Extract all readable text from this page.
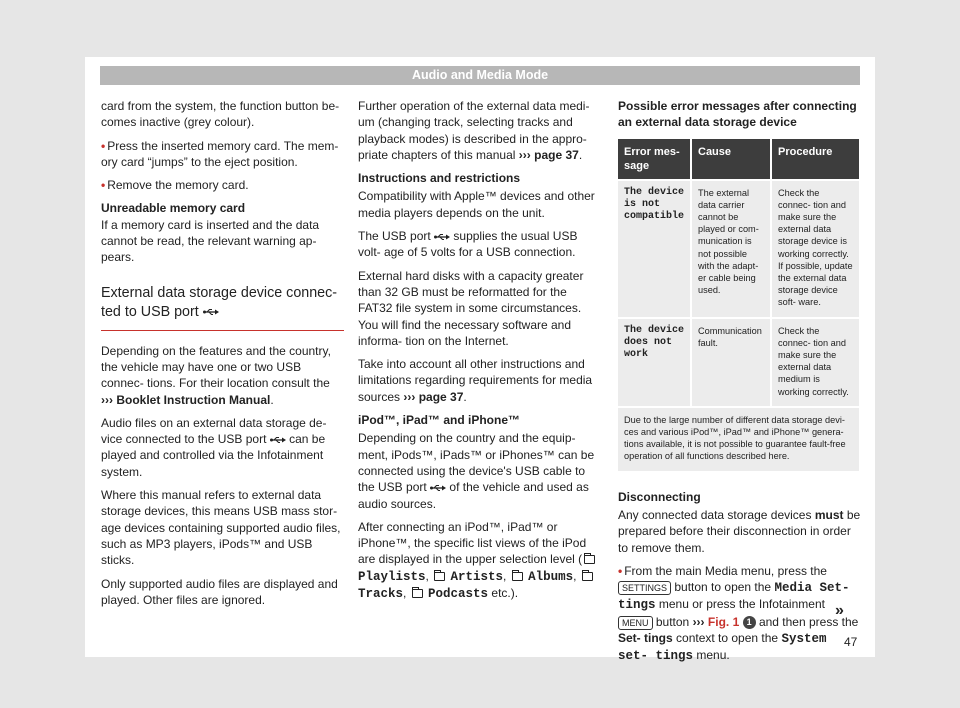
Audio and Media Mode

card from the system, the function button be- comes inactive (grey colour).

• Press the inserted memory card. The mem- ory card “jumps” to the eject position.

• Remove the memory card.

Unreadable memory card

If a memory card is inserted and the data cannot be read, the relevant warning ap- pears.

External data storage device connec- ted to USB port

Depending on the features and the country, the vehicle may have one or two USB connec- tions. For their location consult the ››› Booklet Instruction Manual.

Audio files on an external data storage de- vice connected to the USB port can be played and controlled via the Infotainment system.

Where this manual refers to external data storage devices, this means USB mass stor- age devices containing supported audio files, such as MP3 players, iPods™ and USB sticks.

Only supported audio files are displayed and played. Other files are ignored.

Further operation of the external data medi- um (changing track, selecting tracks and playback modes) is described in the appro- priate chapters of this manual ››› page 37.

Instructions and restrictions

Compatibility with Apple™ devices and other media players depends on the unit.

The USB port supplies the usual USB volt- age of 5 volts for a USB connection.

External hard disks with a capacity greater than 32 GB must be reformatted for the FAT32 file system in some circumstances. You will find the necessary software and informa- tion on the Internet.

Take into account all other instructions and limitations regarding requirements for media sources ››› page 37.

iPod™, iPad™ and iPhone™

Depending on the country and the equip- ment, iPods™, iPads™ or iPhones™ can be connected using the device's USB cable to the USB port of the vehicle and used as audio sources.

After connecting an iPod™, iPad™ or iPhone™, the specific list views of the iPod are displayed in the upper selection level ( Playlists,  Artists,  Albums,  Tracks,  Podcasts etc.).

Possible error messages after connecting an external data storage device
Error mes- sage	Cause	Procedure
The device is not compatible	The external data carrier cannot be played or com- munication is not possible with the adapt- er cable being used.	Check the connec- tion and make sure the external data storage device is working correctly. If possible, update the external data storage device soft- ware.
The device does not work	Communication fault.	Check the connec- tion and make sure the external data medium is working correctly.
Due to the large number of different data storage devi- ces and various iPod™, iPad™ and iPhone™ genera- tions available, it is not possible to guarantee fault-free operation of all functions described here.		
Disconnecting

Any connected data storage devices must be prepared before their disconnection in order to remove them.

• From the main Media menu, press the SETTINGS button to open the Media Set- tings menu or press the Infotainment MENU button ››› Fig. 1 1 and then press the Set- tings context to open the System set- tings menu.

»
47
